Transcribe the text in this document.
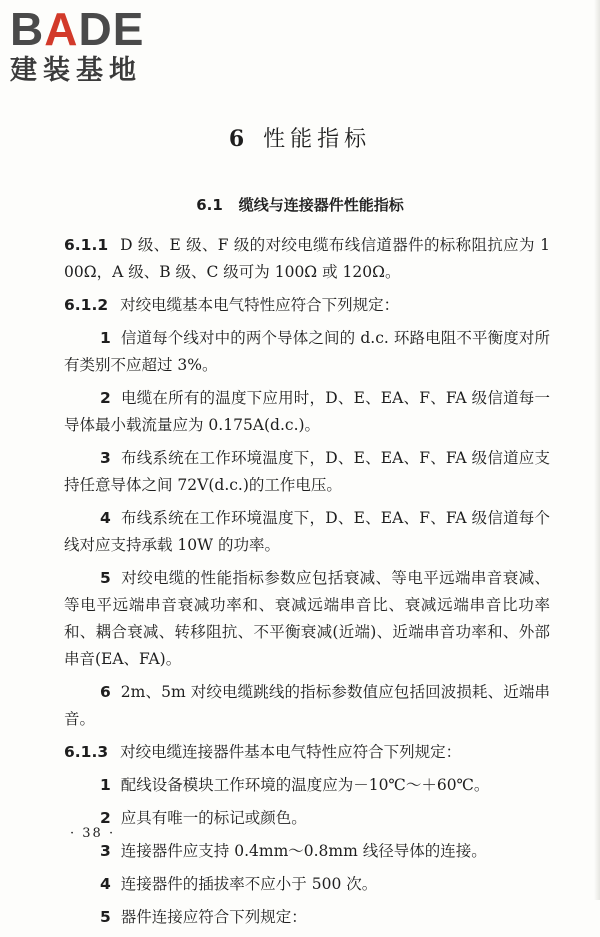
BADE
建装基地
6 性能指标
6.1 缆线与连接器件性能指标

6.1.1 D 级、E 级、F 级的对绞电缆布线信道器件的标称阻抗应为 100Ω，A 级、B 级、C 级可为 100Ω 或 120Ω。

6.1.2 对绞电缆基本电气特性应符合下列规定：

1 信道每个线对中的两个导体之间的 d.c. 环路电阻不平衡度对所有类别不应超过 3%。

2 电缆在所有的温度下应用时，D、E、EA、F、FA 级信道每一导体最小载流量应为 0.175A(d.c.)。

3 布线系统在工作环境温度下，D、E、EA、F、FA 级信道应支持任意导体之间 72V(d.c.)的工作电压。

4 布线系统在工作环境温度下，D、E、EA、F、FA 级信道每个线对应支持承载 10W 的功率。

5 对绞电缆的性能指标参数应包括衰减、等电平远端串音衰减、等电平远端串音衰减功率和、衰减远端串音比、衰减远端串音比功率和、耦合衰减、转移阻抗、不平衡衰减(近端)、近端串音功率和、外部串音(EA、FA)。

6 2m、5m 对绞电缆跳线的指标参数值应包括回波损耗、近端串音。

6.1.3 对绞电缆连接器件基本电气特性应符合下列规定：

1 配线设备模块工作环境的温度应为－10℃～＋60℃。

2 应具有唯一的标记或颜色。

3 连接器件应支持 0.4mm～0.8mm 线径导体的连接。

4 连接器件的插拔率不应小于 500 次。

5 器件连接应符合下列规定：

· 38 ·
